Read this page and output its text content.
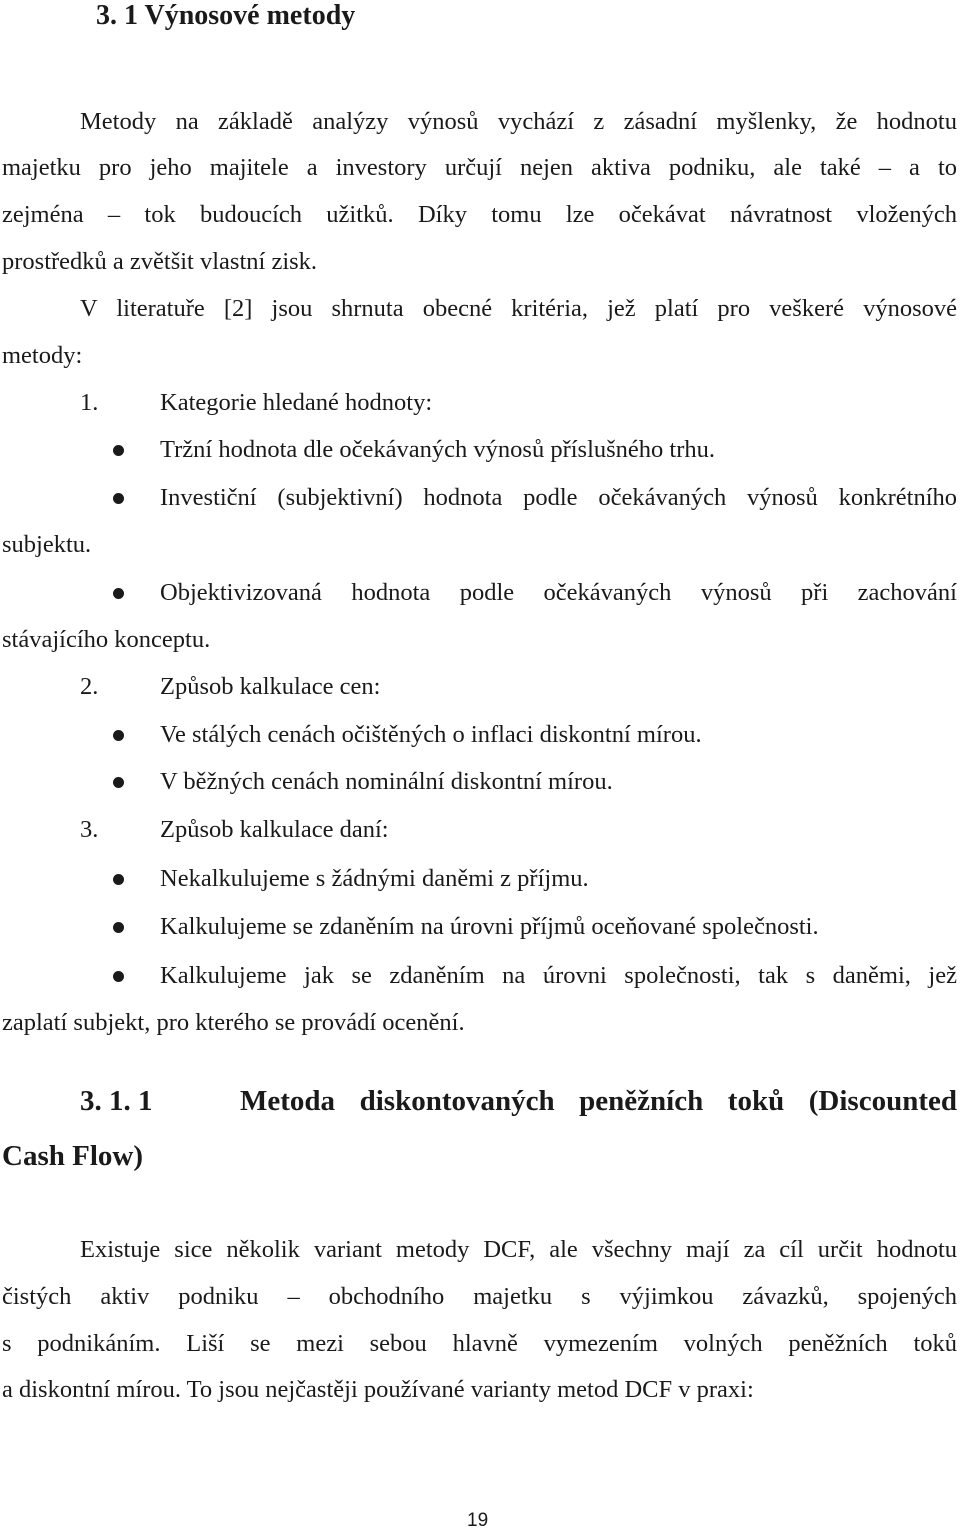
3. 1 Výnosové metody
Metody na základě analýzy výnosů vychází z zásadní myšlenky, že hodnotu
majetku pro jeho majitele a investory určují nejen aktiva podniku, ale také – a to
zejména – tok budoucích užitků. Díky tomu lze očekávat návratnost vložených
prostředků a zvětšit vlastní zisk.
V literatuře [2] jsou shrnuta obecné kritéria, jež platí pro veškeré výnosové
metody:
1.	Kategorie hledané hodnoty:
Tržní hodnota dle očekávaných výnosů příslušného trhu.
Investiční (subjektivní) hodnota podle očekávaných výnosů konkrétního
subjektu.
Objektivizovaná hodnota podle očekávaných výnosů při zachování
stávajícího konceptu.
2.	Způsob kalkulace cen:
Ve stálých cenách očištěných o inflaci diskontní mírou.
V běžných cenách nominální diskontní mírou.
3.	Způsob kalkulace daní:
Nekalkulujeme s žádnými daněmi z příjmu.
Kalkulujeme se zdaněním na úrovni příjmů oceňované společnosti.
Kalkulujeme jak se zdaněním na úrovni společnosti, tak s daněmi, jež
zaplatí subjekt, pro kterého se provádí ocenění.
3. 1. 1	Metoda diskontovaných peněžních toků (Discounted
Cash Flow)
Existuje sice několik variant metody DCF, ale všechny mají za cíl určit hodnotu
čistých aktiv podniku – obchodního majetku s výjimkou závazků, spojených
s podnikáním. Liší se mezi sebou hlavně vymezením volných peněžních toků
a diskontní mírou. To jsou nejčastěji používané varianty metod DCF v praxi:
19
